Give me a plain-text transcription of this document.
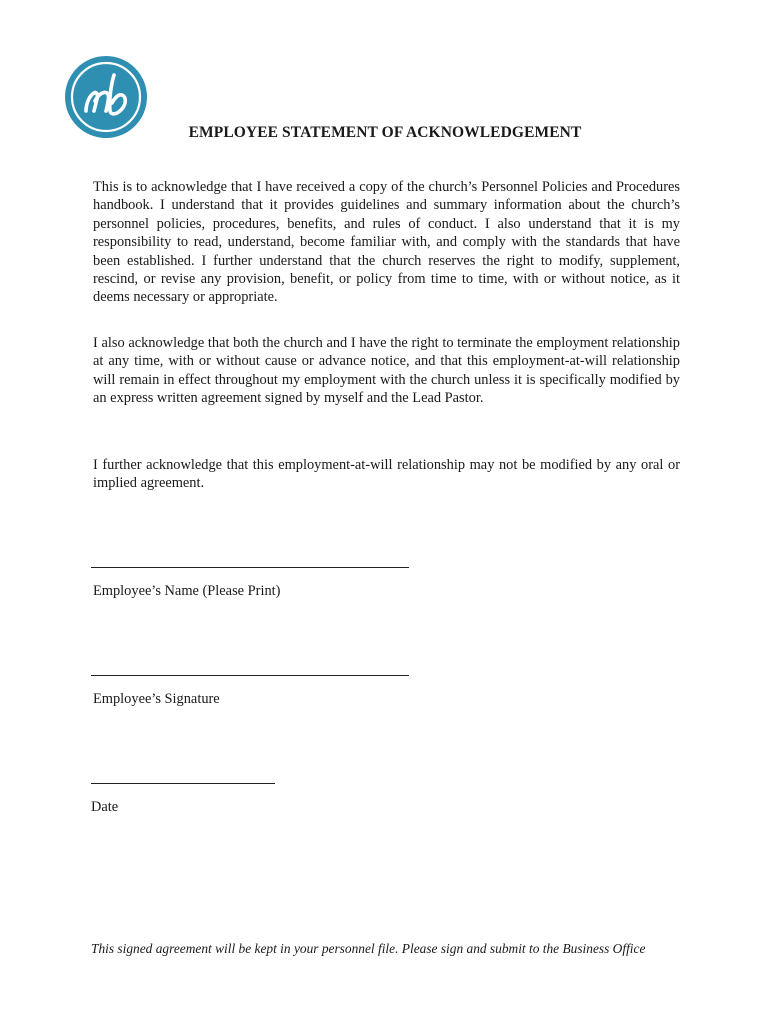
EMPLOYEE STATEMENT OF ACKNOWLEDGEMENT

This is to acknowledge that I have received a copy of the church’s Personnel Policies and Procedures handbook. I understand that it provides guidelines and summary information about the church’s personnel policies, procedures, benefits, and rules of conduct. I also understand that it is my responsibility to read, understand, become familiar with, and comply with the standards that have been established. I further understand that the church reserves the right to modify, supplement, rescind, or revise any provision, benefit, or policy from time to time, with or without notice, as it deems necessary or appropriate.

I also acknowledge that both the church and I have the right to terminate the employment relationship at any time, with or without cause or advance notice, and that this employment-at-will relationship will remain in effect throughout my employment with the church unless it is specifically modified by an express written agreement signed by myself and the Lead Pastor.

I further acknowledge that this employment-at-will relationship may not be modified by any oral or implied agreement.

Employee’s Name (Please Print)

Employee’s Signature

Date

This signed agreement will be kept in your personnel file. Please sign and submit to the Business Office
